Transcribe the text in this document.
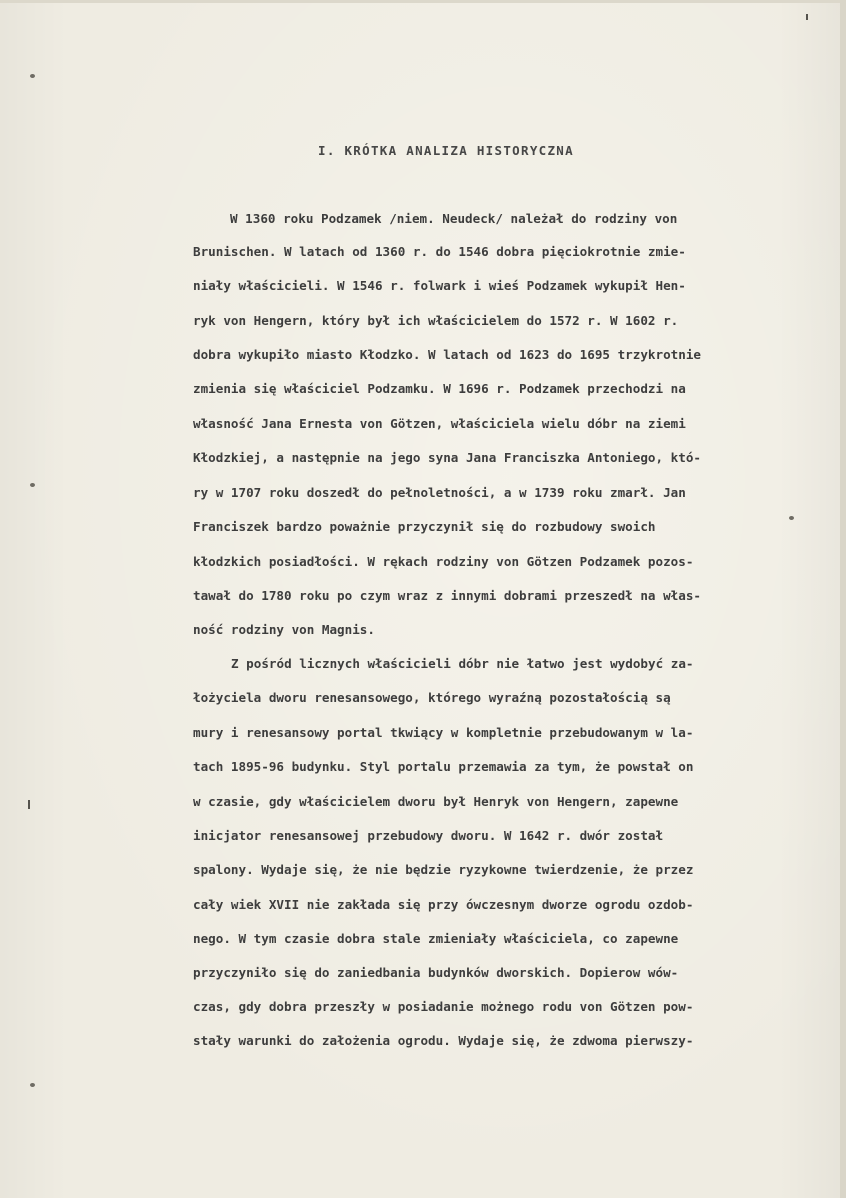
I. KRÓTKA ANALIZA HISTORYCZNA
W 1360 roku Podzamek /niem. Neudeck/ należał do rodziny von
Brunischen. W latach od 1360 r. do 1546 dobra pięciokrotnie zmie-
niały właścicieli. W 1546 r. folwark i wieś Podzamek wykupił Hen-
ryk von Hengern, który był ich właścicielem do 1572 r. W 1602 r.
dobra wykupiło miasto Kłodzko. W latach od 1623 do 1695 trzykrotnie
zmienia się właściciel Podzamku. W 1696 r. Podzamek przechodzi na
własność Jana Ernesta von Götzen, właściciela wielu dóbr na ziemi
Kłodzkiej, a następnie na jego syna Jana Franciszka Antoniego, któ-
ry w 1707 roku doszedł do pełnoletności, a w 1739 roku zmarł. Jan
Franciszek bardzo poważnie przyczynił się do rozbudowy swoich
kłodzkich posiadłości. W rękach rodziny von Götzen Podzamek pozos-
tawał do 1780 roku po czym wraz z innymi dobrami przeszedł na włas-
ność rodziny von Magnis.
Z pośród licznych właścicieli dóbr nie łatwo jest wydobyć za-
łożyciela dworu renesansowego, którego wyraźną pozostałością są
mury i renesansowy portal tkwiący w kompletnie przebudowanym w la-
tach 1895-96 budynku. Styl portalu przemawia za tym, że powstał on
w czasie, gdy właścicielem dworu był Henryk von Hengern, zapewne
inicjator renesansowej przebudowy dworu. W 1642 r. dwór został
spalony. Wydaje się, że nie będzie ryzykowne twierdzenie, że przez
cały wiek XVII nie zakłada się przy ówczesnym dworze ogrodu ozdob-
nego. W tym czasie dobra stale zmieniały właściciela, co zapewne
przyczyniło się do zaniedbania budynków dworskich. Dopierow wów-
czas, gdy dobra przeszły w posiadanie możnego rodu von Götzen pow-
stały warunki do założenia ogrodu. Wydaje się, że zdwoma pierwszy-
